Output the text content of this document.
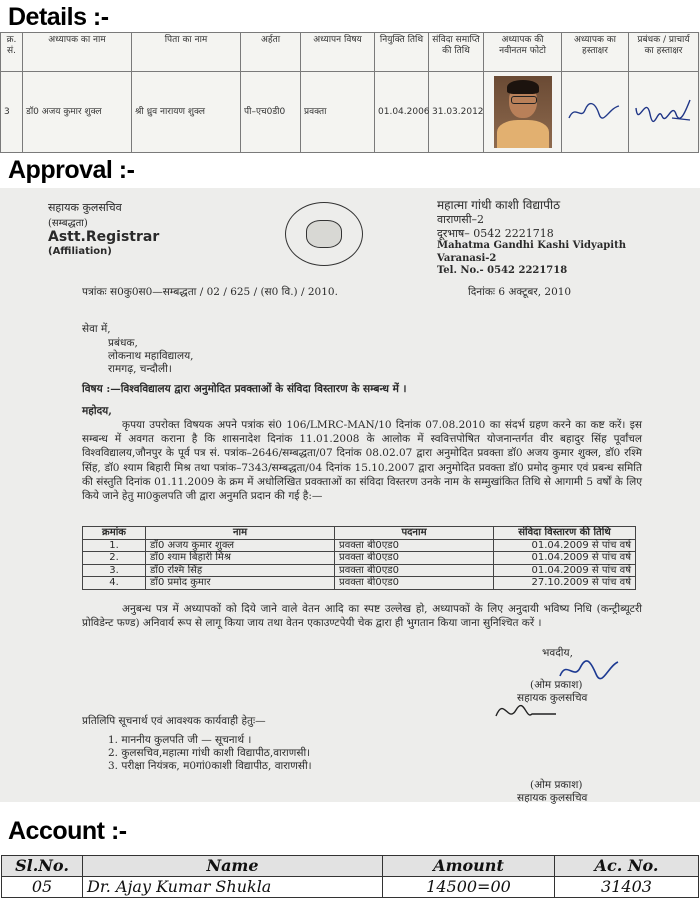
Details :-
क्र. सं.	अध्यापक का नाम	पिता का नाम	अर्हता	अध्यापन विषय	नियुक्ति तिथि	संविदा समाप्ति की तिथि	अध्यापक की नवीनतम फोटो	अध्यापक का हस्ताक्षर	प्रबंधक / प्राचार्य का हस्ताक्षर
3	डॉ0 अजय कुमार शुक्ल	श्री ध्रुव नारायण शुक्ल	पी–एच0डी0	प्रवक्ता	01.04.2006	31.03.2012	

Approval :-
सहायक कुलसचिव
(सम्बद्धता)
Astt.Registrar
(Affiliation)
महात्मा गांधी काशी विद्यापीठ
वाराणसी–2
दूरभाष– 0542 2221718
Mahatma Gandhi Kashi Vidyapith
Varanasi-2
Tel. No.- 0542 2221718
पत्रांकः स0कु0स0—सम्बद्धता / 02 / 625 / (स0 वि.) / 2010.	दिनांकः 6 अक्टूबर, 2010
सेवा में,
प्रबंधक,
लोकनाथ महाविद्यालय,
रामगढ़, चन्दौली।
विषय :—विश्वविद्यालय द्वारा अनुमोदित प्रवक्ताओं के संविदा विस्तारण के सम्बन्ध में ।
महोदय,
कृपया उपरोक्त विषयक अपने पत्रांक सं0 106/LMRC-MAN/10 दिनांक 07.08.2010 का संदर्भ ग्रहण करने का कष्ट करें। इस सम्बन्ध में अवगत कराना है कि शासनादेश दिनांक 11.01.2008 के आलोक में स्ववित्तपोषित योजनान्तर्गत वीर बहादुर सिंह पूर्वांचल विश्वविद्यालय,जौनपुर के पूर्व पत्र सं. पत्रांक–2646/सम्बद्धता/07 दिनांक 08.02.07 द्वारा अनुमोदित प्रवक्ता डॉ0 अजय कुमार शुक्ल, डॉ0 रश्मि सिंह, डॉ0 श्याम बिहारी मिश्र तथा पत्रांक–7343/सम्बद्धता/04 दिनांक 15.10.2007 द्वारा अनुमोदित प्रवक्ता डॉ0 प्रमोद कुमार एवं प्रबन्ध समिति की संस्तुति दिनांक 01.11.2009 के क्रम में अधोलिखित प्रवक्ताओं का संविदा विस्तरण उनके नाम के सम्मुखांकित तिथि से आगामी 5 वर्षों के लिए किये जाने हेतु मा0कुलपति जी द्वारा अनुमति प्रदान की गई है:—
क्रमांक	नाम	पदनाम	संविदा विस्तारण की तिथि
1.	डॉ0 अजय कुमार शुक्ल	प्रवक्ता बी0एड0	01.04.2009 से पांच वर्ष
2.	डॉ0 श्याम बिहारी मिश्र	प्रवक्ता बी0एड0	01.04.2009 से पांच वर्ष
3.	डॉ0 रश्मि सिंह	प्रवक्ता बी0एड0	01.04.2009 से पांच वर्ष
4.	डॉ0 प्रमोद कुमार	प्रवक्ता बी0एड0	27.10.2009 से पांच वर्ष
अनुबन्ध पत्र में अध्यापकों को दिये जाने वाले वेतन आदि का स्पष्ट उल्लेख हो, अध्यापकों के लिए अनुदायी भविष्य निधि (कन्ट्रीब्यूटरी प्रोविडेन्ट फण्ड) अनिवार्य रूप से लागू किया जाय तथा वेतन एकाउण्टपेयी चेक द्वारा ही भुगतान किया जाना सुनिश्चित करें ।
भवदीय,
(ओम प्रकाश)
सहायक कुलसचिव
प्रतिलिपि सूचनार्थ एवं आवश्यक कार्यवाही हेतुः—
1. माननीय कुलपति जी — सूचनार्थ ।
2. कुलसचिव,महात्मा गांधी काशी विद्यापीठ,वाराणसी।
3. परीक्षा नियंत्रक, म0गां0काशी विद्यापीठ, वाराणसी।
(ओम प्रकाश)
सहायक कुलसचिव
Account :-
Sl.No.	Name	Amount	Ac. No.
05	Dr. Ajay Kumar Shukla	14500=00	31403
